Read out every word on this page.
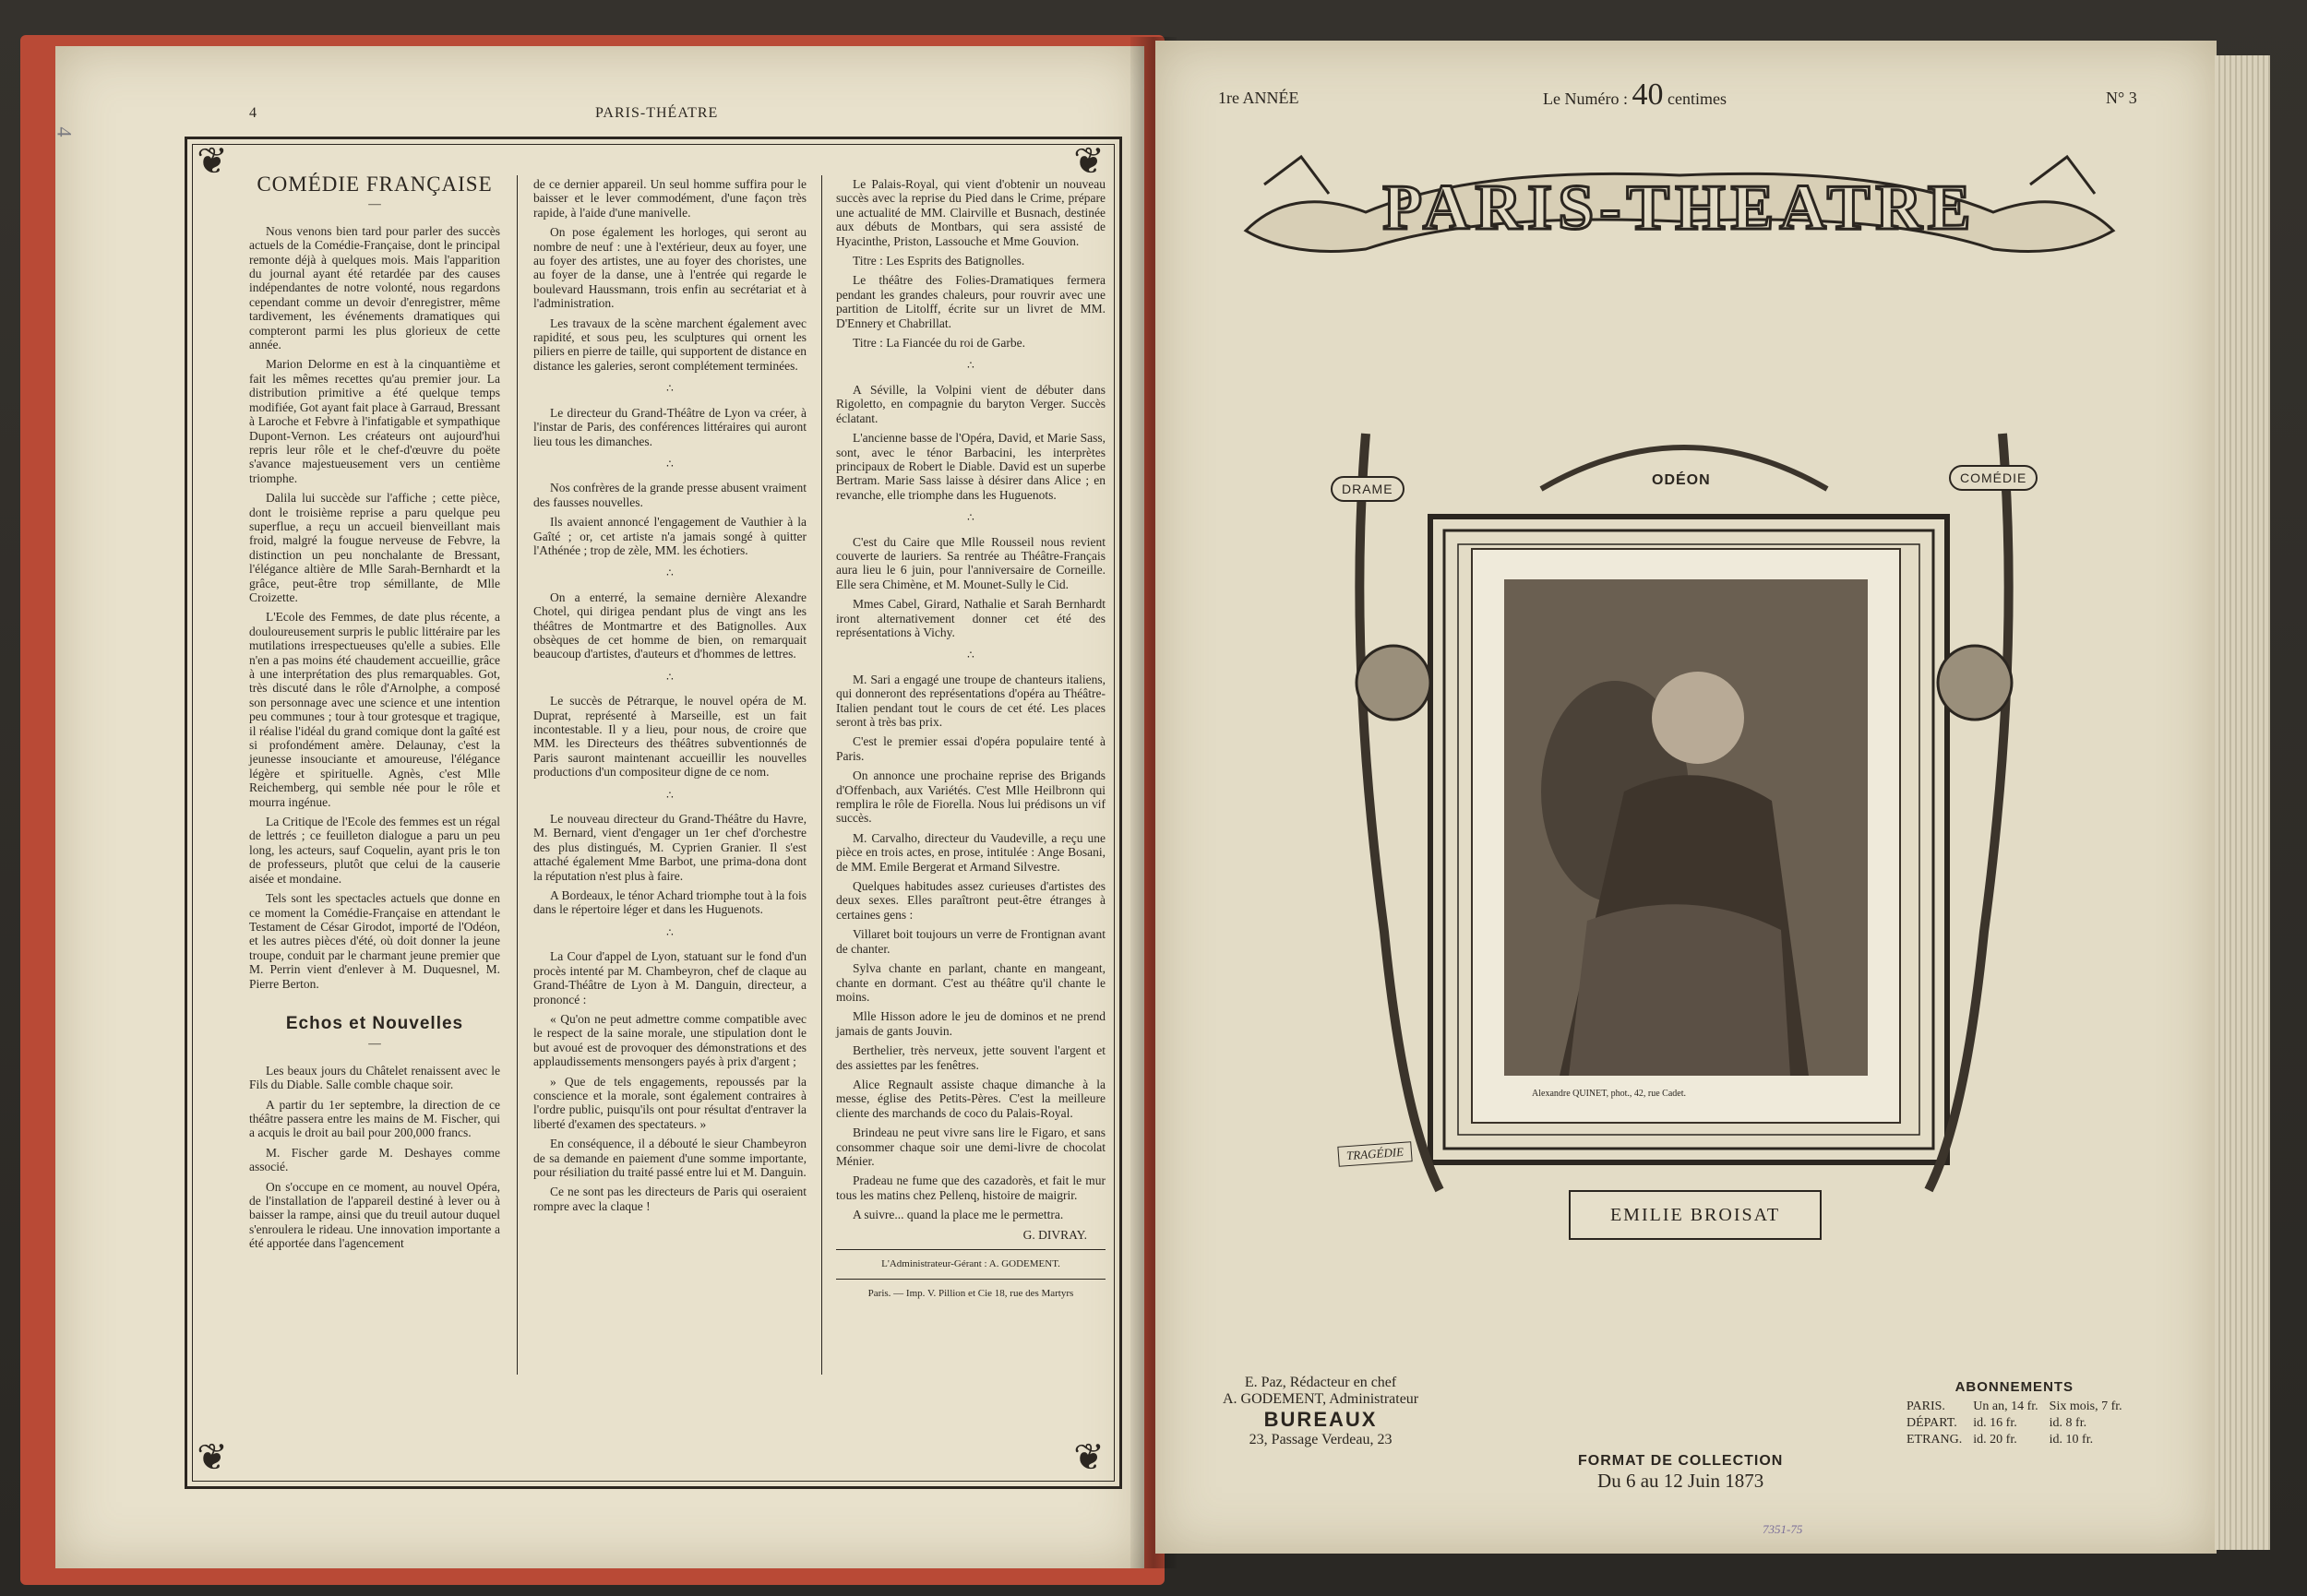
4
4	PARIS-THÉATRE
❦	❦
❦	❦
COMÉDIE FRANÇAISE
—

Nous venons bien tard pour parler des succès actuels de la Comédie-Française, dont le principal remonte déjà à quelques mois. Mais l'apparition du journal ayant été retardée par des causes indépendantes de notre volonté, nous regardons cependant comme un devoir d'enregistrer, même tardivement, les événements dramatiques qui compteront parmi les plus glorieux de cette année.

Marion Delorme en est à la cinquantième et fait les mêmes recettes qu'au premier jour. La distribution primitive a été quelque temps modifiée, Got ayant fait place à Garraud, Bressant à Laroche et Febvre à l'infatigable et sympathique Dupont-Vernon. Les créateurs ont aujourd'hui repris leur rôle et le chef-d'œuvre du poëte s'avance majestueusement vers un centième triomphe.

Dalila lui succède sur l'affiche ; cette pièce, dont le troisième reprise a paru quelque peu superflue, a reçu un accueil bienveillant mais froid, malgré la fougue nerveuse de Febvre, la distinction un peu nonchalante de Bressant, l'élégance altière de Mlle Sarah-Bernhardt et la grâce, peut-être trop sémillante, de Mlle Croizette.

L'Ecole des Femmes, de date plus récente, a douloureusement surpris le public littéraire par les mutilations irrespectueuses qu'elle a subies. Elle n'en a pas moins été chaudement accueillie, grâce à une interprétation des plus remarquables. Got, très discuté dans le rôle d'Arnolphe, a composé son personnage avec une science et une intention peu communes ; tour à tour grotesque et tragique, il réalise l'idéal du grand comique dont la gaîté est si profondément amère. Delaunay, c'est la jeunesse insouciante et amoureuse, l'élégance légère et spirituelle. Agnès, c'est Mlle Reichemberg, qui semble née pour le rôle et mourra ingénue.

La Critique de l'Ecole des femmes est un régal de lettrés ; ce feuilleton dialogue a paru un peu long, les acteurs, sauf Coquelin, ayant pris le ton de professeurs, plutôt que celui de la causerie aisée et mondaine.

Tels sont les spectacles actuels que donne en ce moment la Comédie-Française en attendant le Testament de César Girodot, importé de l'Odéon, et les autres pièces d'été, où doit donner la jeune troupe, conduit par le charmant jeune premier que M. Perrin vient d'enlever à M. Duquesnel, M. Pierre Berton.

Echos et Nouvelles
—

Les beaux jours du Châtelet renaissent avec le Fils du Diable. Salle comble chaque soir.

A partir du 1er septembre, la direction de ce théâtre passera entre les mains de M. Fischer, qui a acquis le droit au bail pour 200,000 francs.

M. Fischer garde M. Deshayes comme associé.

On s'occupe en ce moment, au nouvel Opéra, de l'installation de l'appareil destiné à lever ou à baisser la rampe, ainsi que du treuil autour duquel s'enroulera le rideau. Une innovation importante a été apportée dans l'agencement

de ce dernier appareil. Un seul homme suffira pour le baisser et le lever commodément, d'une façon très rapide, à l'aide d'une manivelle.

On pose également les horloges, qui seront au nombre de neuf : une à l'extérieur, deux au foyer, une au foyer des artistes, une au foyer des choristes, une au foyer de la danse, une à l'entrée qui regarde le boulevard Haussmann, trois enfin au secrétariat et à l'administration.

Les travaux de la scène marchent également avec rapidité, et sous peu, les sculptures qui ornent les piliers en pierre de taille, qui supportent de distance en distance les galeries, seront complétement terminées.

∴

Le directeur du Grand-Théâtre de Lyon va créer, à l'instar de Paris, des conférences littéraires qui auront lieu tous les dimanches.

∴

Nos confrères de la grande presse abusent vraiment des fausses nouvelles.

Ils avaient annoncé l'engagement de Vauthier à la Gaîté ; or, cet artiste n'a jamais songé à quitter l'Athénée ; trop de zèle, MM. les échotiers.

∴

On a enterré, la semaine dernière Alexandre Chotel, qui dirigea pendant plus de vingt ans les théâtres de Montmartre et des Batignolles. Aux obsèques de cet homme de bien, on remarquait beaucoup d'artistes, d'auteurs et d'hommes de lettres.

∴

Le succès de Pétrarque, le nouvel opéra de M. Duprat, représenté à Marseille, est un fait incontestable. Il y a lieu, pour nous, de croire que MM. les Directeurs des théâtres subventionnés de Paris sauront maintenant accueillir les nouvelles productions d'un compositeur digne de ce nom.

∴

Le nouveau directeur du Grand-Théâtre du Havre, M. Bernard, vient d'engager un 1er chef d'orchestre des plus distingués, M. Cyprien Granier. Il s'est attaché également Mme Barbot, une prima-dona dont la réputation n'est plus à faire.

A Bordeaux, le ténor Achard triomphe tout à la fois dans le répertoire léger et dans les Huguenots.

∴

La Cour d'appel de Lyon, statuant sur le fond d'un procès intenté par M. Chambeyron, chef de claque au Grand-Théâtre de Lyon à M. Danguin, directeur, a prononcé :

« Qu'on ne peut admettre comme compatible avec le respect de la saine morale, une stipulation dont le but avoué est de provoquer des démonstrations et des applaudissements mensongers payés à prix d'argent ;

» Que de tels engagements, repoussés par la conscience et la morale, sont également contraires à l'ordre public, puisqu'ils ont pour résultat d'entraver la liberté d'examen des spectateurs. »

En conséquence, il a débouté le sieur Chambeyron de sa demande en paiement d'une somme importante, pour résiliation du traité passé entre lui et M. Danguin.

Ce ne sont pas les directeurs de Paris qui oseraient rompre avec la claque !

Le Palais-Royal, qui vient d'obtenir un nouveau succès avec la reprise du Pied dans le Crime, prépare une actualité de MM. Clairville et Busnach, destinée aux débuts de Montbars, qui sera assisté de Hyacinthe, Priston, Lassouche et Mme Gouvion.

Titre : Les Esprits des Batignolles.

Le théâtre des Folies-Dramatiques fermera pendant les grandes chaleurs, pour rouvrir avec une partition de Litolff, écrite sur un livret de MM. D'Ennery et Chabrillat.

Titre : La Fiancée du roi de Garbe.

∴

A Séville, la Volpini vient de débuter dans Rigoletto, en compagnie du baryton Verger. Succès éclatant.

L'ancienne basse de l'Opéra, David, et Marie Sass, sont, avec le ténor Barbacini, les interprètes principaux de Robert le Diable. David est un superbe Bertram. Marie Sass laisse à désirer dans Alice ; en revanche, elle triomphe dans les Huguenots.

∴

C'est du Caire que Mlle Rousseil nous revient couverte de lauriers. Sa rentrée au Théâtre-Français aura lieu le 6 juin, pour l'anniversaire de Corneille. Elle sera Chimène, et M. Mounet-Sully le Cid.

Mmes Cabel, Girard, Nathalie et Sarah Bernhardt iront alternativement donner cet été des représentations à Vichy.

∴

M. Sari a engagé une troupe de chanteurs italiens, qui donneront des représentations d'opéra au Théâtre-Italien pendant tout le cours de cet été. Les places seront à très bas prix.

C'est le premier essai d'opéra populaire tenté à Paris.

On annonce une prochaine reprise des Brigands d'Offenbach, aux Variétés. C'est Mlle Heilbronn qui remplira le rôle de Fiorella. Nous lui prédisons un vif succès.

M. Carvalho, directeur du Vaudeville, a reçu une pièce en trois actes, en prose, intitulée : Ange Bosani, de MM. Emile Bergerat et Armand Silvestre.

Quelques habitudes assez curieuses d'artistes des deux sexes. Elles paraîtront peut-être étranges à certaines gens :

Villaret boit toujours un verre de Frontignan avant de chanter.

Sylva chante en parlant, chante en mangeant, chante en dormant. C'est au théâtre qu'il chante le moins.

Mlle Hisson adore le jeu de dominos et ne prend jamais de gants Jouvin.

Berthelier, très nerveux, jette souvent l'argent et des assiettes par les fenêtres.

Alice Regnault assiste chaque dimanche à la messe, église des Petits-Pères. C'est la meilleure cliente des marchands de coco du Palais-Royal.

Brindeau ne peut vivre sans lire le Figaro, et sans consommer chaque soir une demi-livre de chocolat Ménier.

Pradeau ne fume que des cazadorès, et fait le mur tous les matins chez Pellenq, histoire de maigrir.

A suivre... quand la place me le permettra.

G. DIVRAY.
L'Administrateur-Gérant : A. GODEMENT.
Paris. — Imp. V. Pillion et Cie 18, rue des Martyrs
1re ANNÉE	Le Numéro : 40 centimes	N° 3
PARIS-THEATRE
DRAME
ODÉON	COMÉDIE
Alexandre QUINET, phot., 42, rue Cadet.
TRAGÉDIE
EMILIE BROISAT
E. Paz, Rédacteur en chef
A. GODEMENT, Administrateur
BUREAUX
23, Passage Verdeau, 23
FORMAT DE COLLECTION
Du 6 au 12 Juin 1873
ABONNEMENTS
PARIS.	Un an, 14 fr.	Six mois, 7 fr.
DÉPART.	id. 16 fr.	id. 8 fr.
ETRANG.	id. 20 fr.	id. 10 fr.
7351-75
